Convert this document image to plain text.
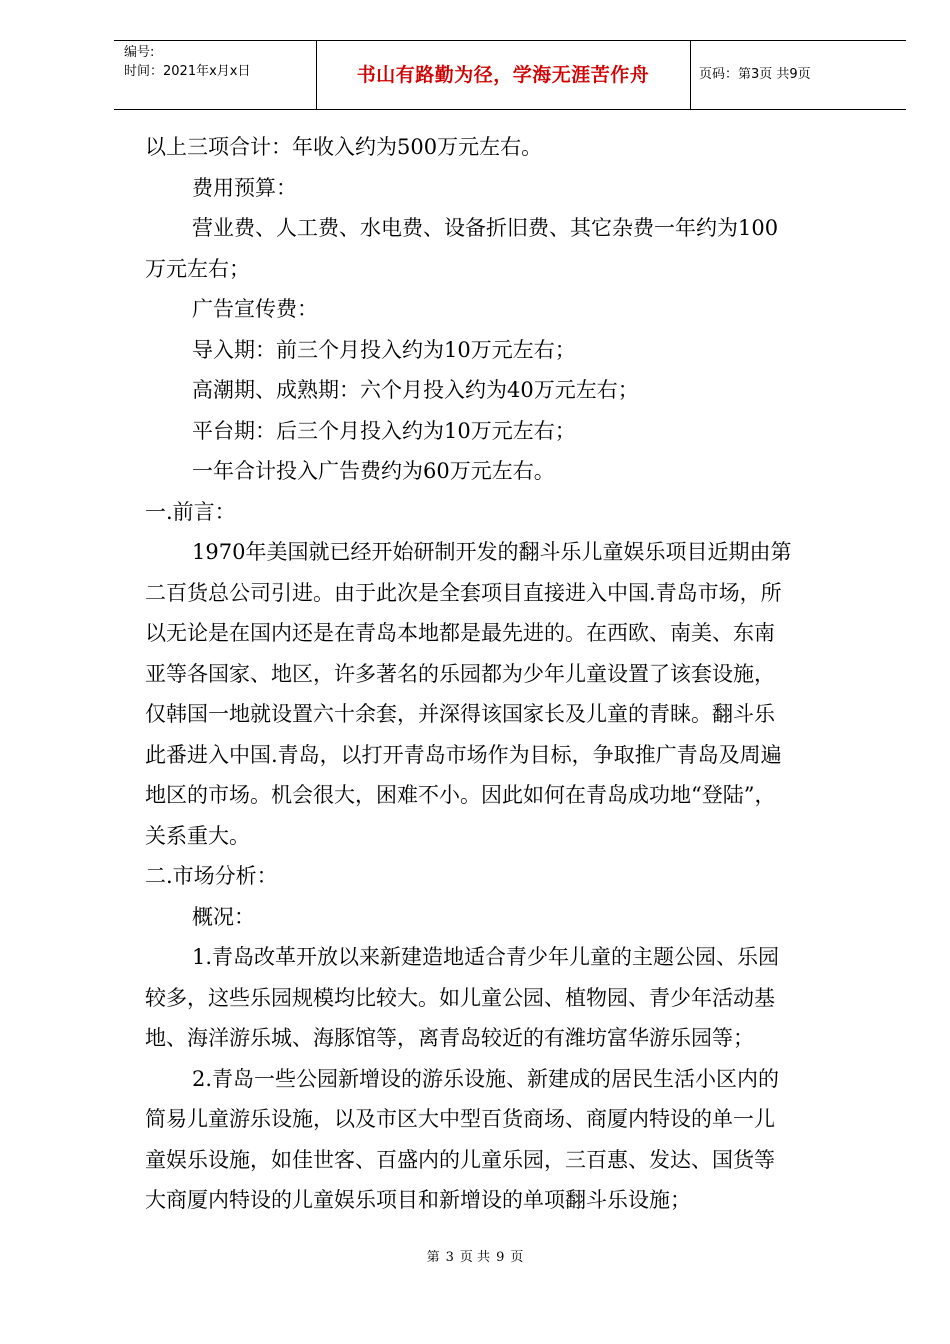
编号:
时间：2021年x月x日	书山有路勤为径，学海无涯苦作舟	页码：第3页 共9页

以上三项合计：年收入约为500万元左右。

费用预算：

营业费、人工费、水电费、设备折旧费、其它杂费一年约为100

万元左右；

广告宣传费：

导入期：前三个月投入约为10万元左右；

高潮期、成熟期：六个月投入约为40万元左右；

平台期：后三个月投入约为10万元左右；

一年合计投入广告费约为60万元左右。

一.前言：

1970年美国就已经开始研制开发的翻斗乐儿童娱乐项目近期由第

二百货总公司引进。由于此次是全套项目直接进入中国.青岛市场，所

以无论是在国内还是在青岛本地都是最先进的。在西欧、南美、东南

亚等各国家、地区，许多著名的乐园都为少年儿童设置了该套设施，

仅韩国一地就设置六十余套，并深得该国家长及儿童的青睐。翻斗乐

此番进入中国.青岛，以打开青岛市场作为目标，争取推广青岛及周遍

地区的市场。机会很大，困难不小。因此如何在青岛成功地“登陆”，

关系重大。

二.市场分析：

概况：

1.青岛改革开放以来新建造地适合青少年儿童的主题公园、乐园

较多，这些乐园规模均比较大。如儿童公园、植物园、青少年活动基

地、海洋游乐城、海豚馆等，离青岛较近的有潍坊富华游乐园等；

2.青岛一些公园新增设的游乐设施、新建成的居民生活小区内的

简易儿童游乐设施，以及市区大中型百货商场、商厦内特设的单一儿

童娱乐设施，如佳世客、百盛内的儿童乐园，三百惠、发达、国货等

大商厦内特设的儿童娱乐项目和新增设的单项翻斗乐设施；

第 3 页 共 9 页
